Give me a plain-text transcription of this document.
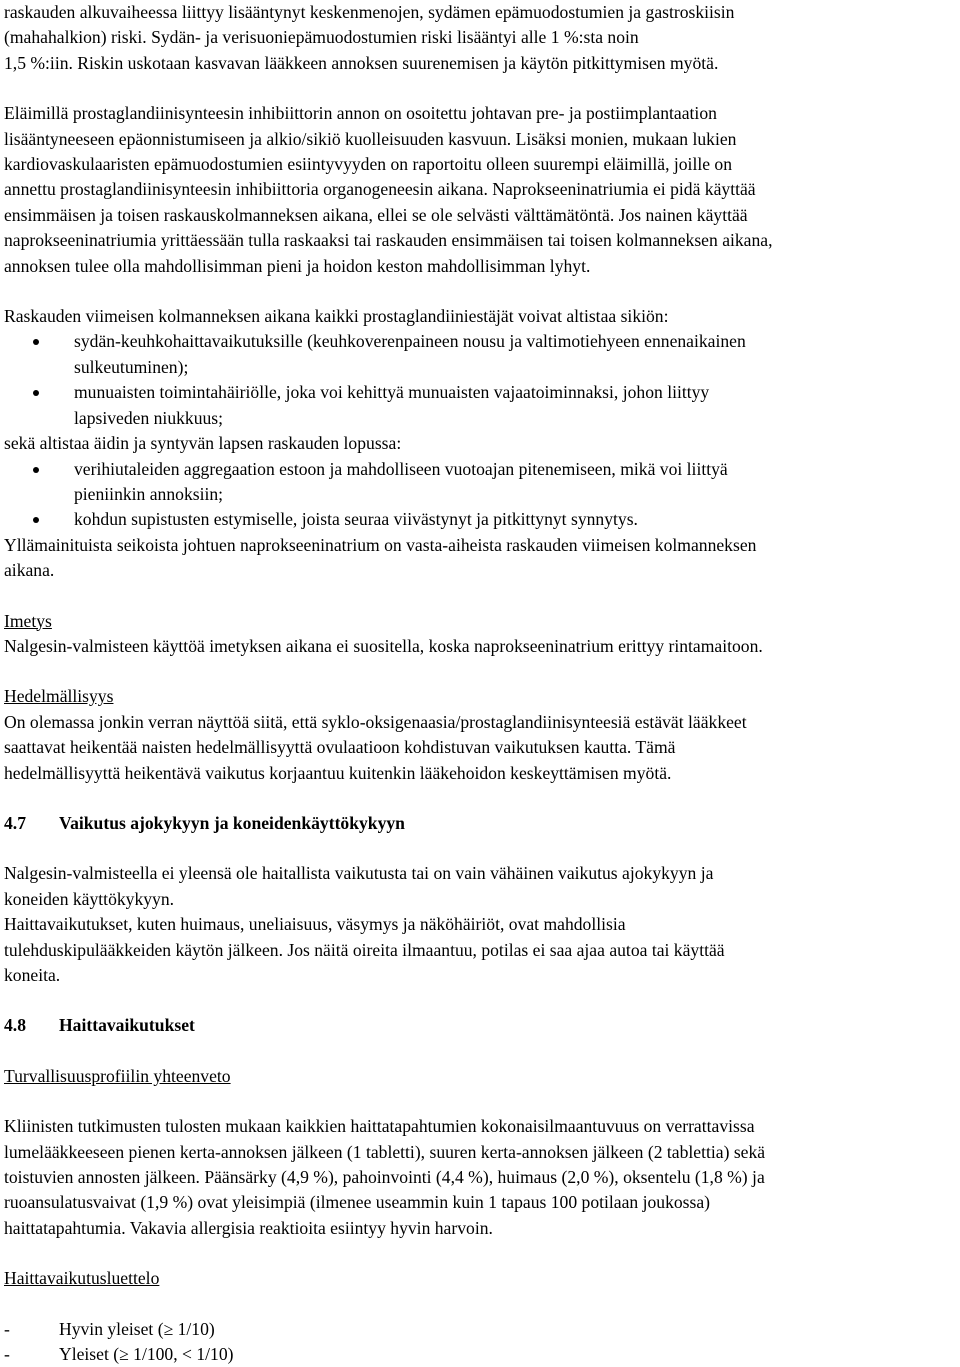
raskauden alkuvaiheessa liittyy lisääntynyt keskenmenojen, sydämen epämuodostumien ja gastroskiisin
(mahahalkion) riski. Sydän- ja verisuoniepämuodostumien riski lisääntyi alle 1 %:sta noin
1,5 %:iin. Riskin uskotaan kasvavan lääkkeen annoksen suurenemisen ja käytön pitkittymisen myötä.

Eläimillä prostaglandiinisynteesin inhibiittorin annon on osoitettu johtavan pre- ja postiimplantaation
lisääntyneeseen epäonnistumiseen ja alkio/sikiö kuolleisuuden kasvuun. Lisäksi monien, mukaan lukien
kardiovaskulaaristen epämuodostumien esiintyvyyden on raportoitu olleen suurempi eläimillä, joille on
annettu prostaglandiinisynteesin inhibiittoria organogeneesin aikana. Naprokseeninatriumia ei pidä käyttää
ensimmäisen ja toisen raskauskolmanneksen aikana, ellei se ole selvästi välttämätöntä. Jos nainen käyttää
naprokseeninatriumia yrittäessään tulla raskaaksi tai raskauden ensimmäisen tai toisen kolmanneksen aikana,
annoksen tulee olla mahdollisimman pieni ja hoidon keston mahdollisimman lyhyt.

Raskauden viimeisen kolmanneksen aikana kaikki prostaglandiiniestäjät voivat altistaa sikiön:

sydän-keuhkohaittavaikutuksille (keuhkoverenpaineen nousu ja valtimotiehyeen ennenaikainen
sulkeutuminen);
munuaisten toimintahäiriölle, joka voi kehittyä munuaisten vajaatoiminnaksi, johon liittyy
lapsiveden niukkuus;

sekä altistaa äidin ja syntyvän lapsen raskauden lopussa:

verihiutaleiden aggregaation estoon ja mahdolliseen vuotoajan pitenemiseen, mikä voi liittyä
pieniinkin annoksiin;
kohdun supistusten estymiselle, joista seuraa viivästynyt ja pitkittynyt synnytys.

Yllämainituista seikoista johtuen naprokseeninatrium on vasta-aiheista raskauden viimeisen kolmanneksen
aikana.

Imetys

Nalgesin-valmisteen käyttöä imetyksen aikana ei suositella, koska naprokseeninatrium erittyy rintamaitoon.

Hedelmällisyys

On olemassa jonkin verran näyttöä siitä, että syklo-oksigenaasia/prostaglandiinisynteesiä estävät lääkkeet
saattavat heikentää naisten hedelmällisyyttä ovulaatioon kohdistuvan vaikutuksen kautta. Tämä
hedelmällisyyttä heikentävä vaikutus korjaantuu kuitenkin lääkehoidon keskeyttämisen myötä.

4.7 Vaikutus ajokykyyn ja koneidenkäyttökykyyn

Nalgesin-valmisteella ei yleensä ole haitallista vaikutusta tai on vain vähäinen vaikutus ajokykyyn ja
koneiden käyttökykyyn.
Haittavaikutukset, kuten huimaus, uneliaisuus, väsymys ja näköhäiriöt, ovat mahdollisia
tulehduskipulääkkeiden käytön jälkeen. Jos näitä oireita ilmaantuu, potilas ei saa ajaa autoa tai käyttää
koneita.

4.8 Haittavaikutukset

Turvallisuusprofiilin yhteenveto

Kliinisten tutkimusten tulosten mukaan kaikkien haittatapahtumien kokonaisilmaantuvuus on verrattavissa
lumelääkkeeseen pienen kerta-annoksen jälkeen (1 tabletti), suuren kerta-annoksen jälkeen (2 tablettia) sekä
toistuvien annosten jälkeen. Päänsärky (4,9 %), pahoinvointi (4,4 %), huimaus (2,0 %), oksentelu (1,8 %) ja
ruoansulatusvaivat (1,9 %) ovat yleisimpiä (ilmenee useammin kuin 1 tapaus 100 potilaan joukossa)
haittatapahtumia. Vakavia allergisia reaktioita esiintyy hyvin harvoin.

Haittavaikutusluettelo

-	Hyvin yleiset (≥ 1/10)
-	Yleiset (≥ 1/100, < 1/10)
